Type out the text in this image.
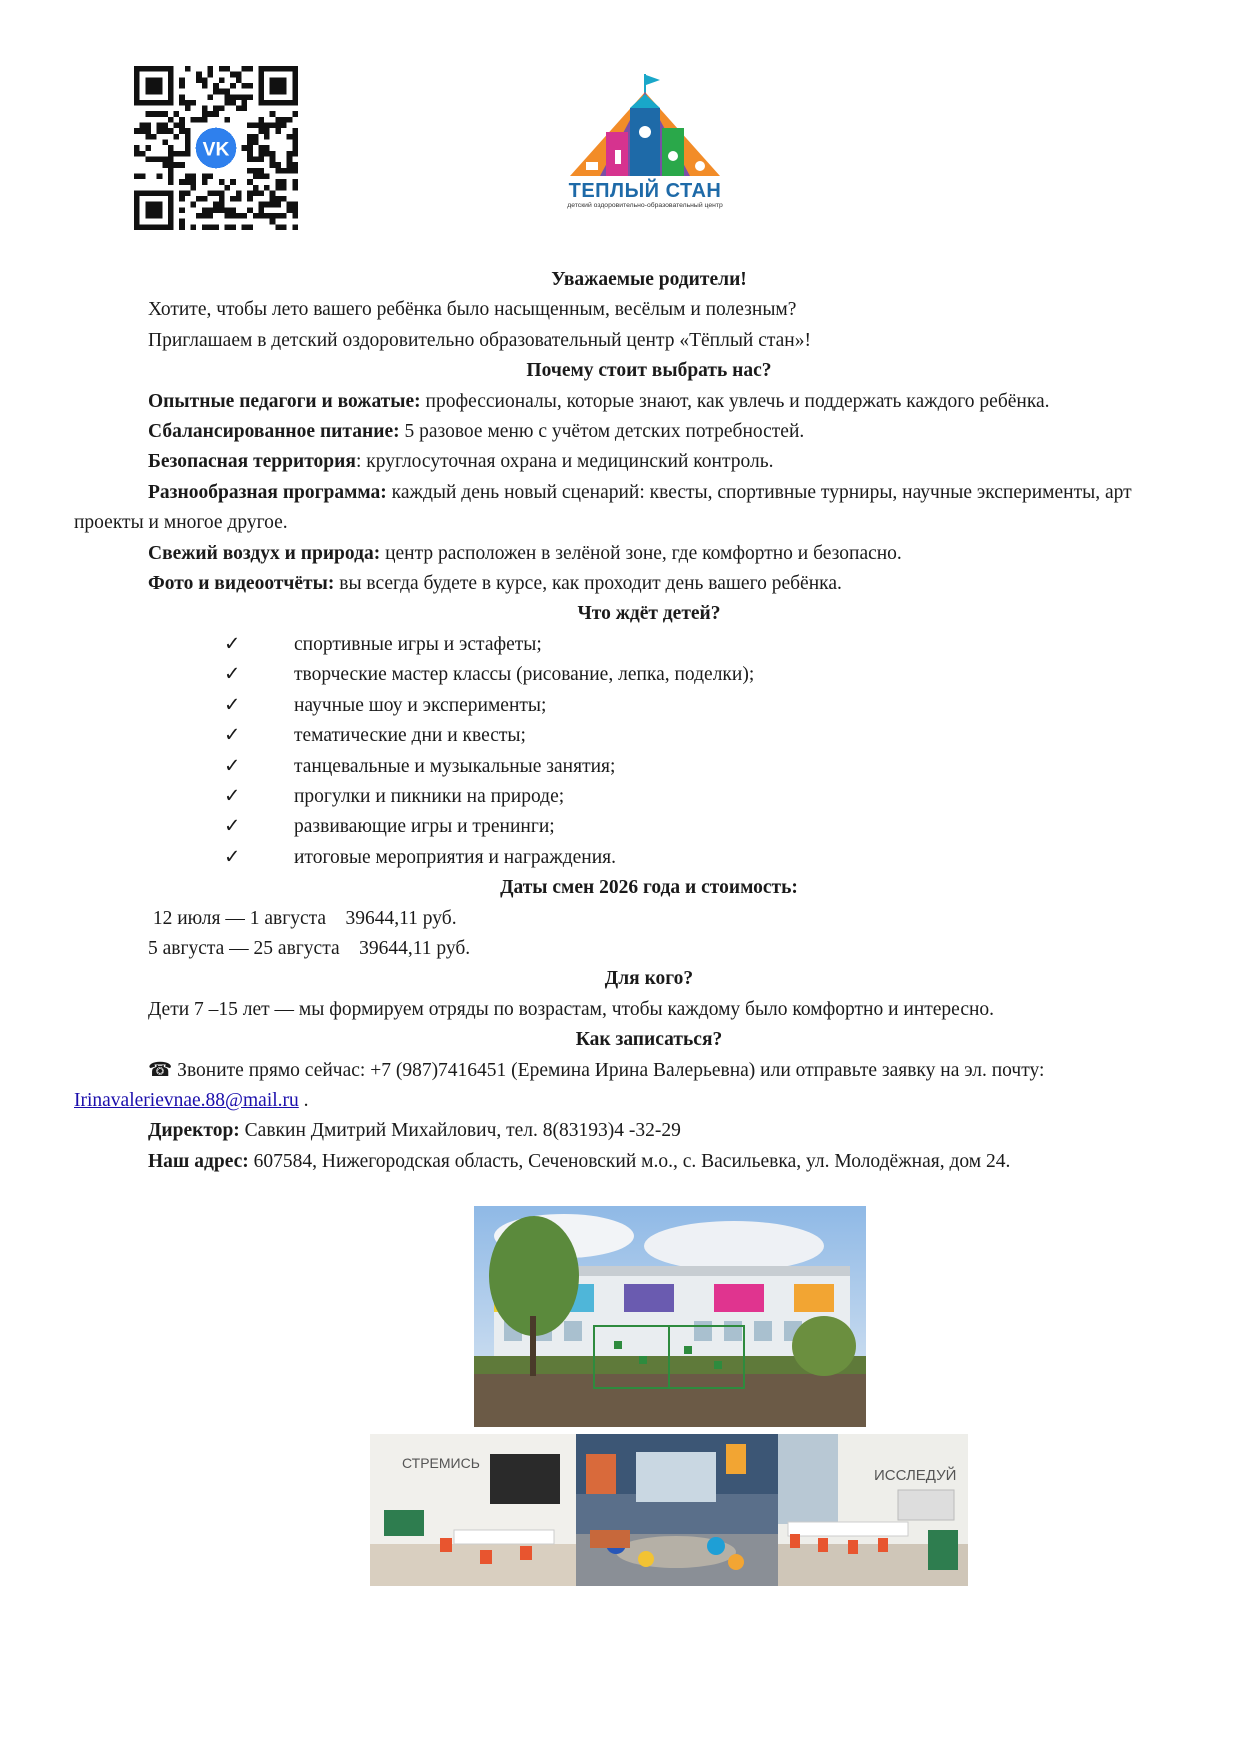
VK
ТЕПЛЫЙ СТАН
детский оздоровительно-образовательный центр
Уважаемые родители!
Хотите, чтобы лето вашего ребёнка было насыщенным, весёлым и полезным?
Приглашаем в детский оздоровительно образовательный центр «Тёплый стан»!
Почему стоит выбрать нас?
Опытные педагоги и вожатые: профессионалы, которые знают, как увлечь и поддержать каждого ребёнка.
Сбалансированное питание: 5 разовое меню с учётом детских потребностей.
Безопасная территория: круглосуточная охрана и медицинский контроль.
Разнообразная программа: каждый день новый сценарий: квесты, спортивные турниры, научные эксперименты, арт проекты и многое другое.
Свежий воздух и природа: центр расположен в зелёной зоне, где комфортно и безопасно.
Фото и видеоотчёты: вы всегда будете в курсе, как проходит день вашего ребёнка.
Что ждёт детей?
✓	спортивные игры и эстафеты;
✓	творческие мастер классы (рисование, лепка, поделки);
✓	научные шоу и эксперименты;
✓	тематические дни и квесты;
✓	танцевальные и музыкальные занятия;
✓	прогулки и пикники на природе;
✓	развивающие игры и тренинги;
✓	итоговые мероприятия и награждения.
Даты смен 2026 года и стоимость:
12 июля — 1 августа 39644,11 руб.
5 августа — 25 августа 39644,11 руб.
Для кого?
Дети 7 –15 лет — мы формируем отряды по возрастам, чтобы каждому было комфортно и интересно.
Как записаться?
☎ Звоните прямо сейчас: +7 (987)7416451 (Еремина Ирина Валерьевна) или отправьте заявку на эл. почту: Irinavalerievnae.88@mail.ru .
Директор: Савкин Дмитрий Михайлович, тел. 8(83193)4 -32-29
Наш адрес: 607584, Нижегородская область, Сеченовский м.о., с. Васильевка, ул. Молодёжная, дом 24.
СТРЕМИСЬ
ИССЛЕДУЙ
